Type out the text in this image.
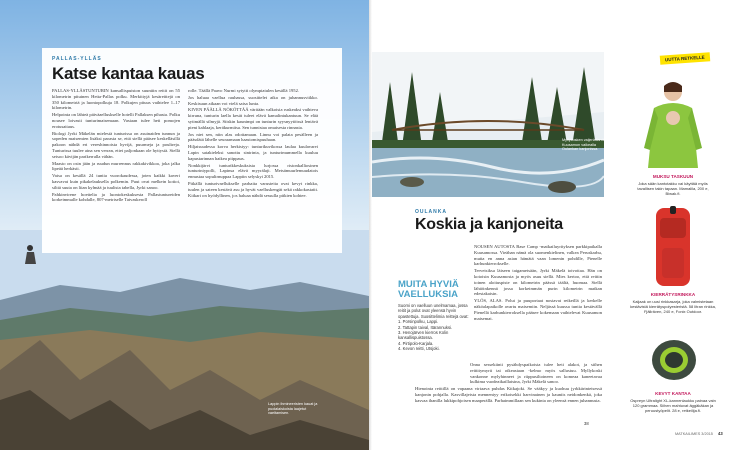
PALLAS-YLLÄS
Katse kantaa kauas

PALLAS-YLLÄSTUNTURIN kansallispuiston suuntiin reitit on 55 kilometrin pituinen Hetta-Pallas polku. Merkittyjä kesäreittejä on 350 kilometriä ja luontopolkuja 18. Polkujen pituus vaihtelee 1–17 kilometrin.

Helpointa on lähteä päiväaelluskselle hotelli Pallaksen pihasta. Polku nousee loivasti tunturimaisemaan. Vastaan tulee heti pomojen erotusaitaus.

Biologi Jyrki Mäkelän mielestä tunturissa on asuinaiden tunnun ja sopeden maisemien lisäksi parasta se, että siellä pääsee keskelläsillä pakoon nähdä eri vereshinnoista hyvijä, puurmeja ja poultreja. Tunturissa tuulee aina sen verran, ettei paljonkaan ole hyttysiä. Siellä seisoo kävijän parikerralla vähän.

Maasto on osin jään ja ruudun murrennus rakkakivikkoa, joka jalka lipeää herkästi.

Vaisa on kesällä 24 tuntia vuorokaudessa, joten kaikki kaveri kasvavat kuin pikakelauksella polkemin. Puut ovat melkein kotioi, silttä suuta on liian kylmää ja tuulista tabella, Jyrki sanoo.

Pahkinvirene hoettelia ja luontokeskuksesta Pallastuntureiden korkeimmalle kohdalle, 807-metriselle Taivaskeroll

rolle. Täällä Paavo Nurmi sytytti olympiatulen kesällä 1952.

Jos haluaa vaellua rauhassa, suosittelet aika on juhannusviikko. Keskisuun aikaan voi vielä saisa lunta.

KIVEN PÄÄLLÄ NÖKÖTTÄÄ väritään valkoisia ruskeaksi vaihteva kirruna, tunturin laella kesät tuleet elävä kamalintukantuun. Se elää sytimällä silmyjä. Siiskin kaunimpi on tunturin syysnyytöissä lentävä pieni kahlaaja, keräkurmitsa. Sen tunnistaa omaisesta rinnasta.

Jos niet sen, niin alas odottamaan. Linnu voi palata pesälleen ja pääsdätä lähelle seuraamaan haastomispuuhaan.

Hiljaisuudessa korva herkistyy: tunturikuvikossa laulaa kuulavarei Lapin satakieleksi sanottu sinirinta, ja tunturimummella kuuluu kapustarinnan haikea piippaus.

Nonkkijärvi tunturikkeskuksista lurjossa ristonkalliosinen tunturiniypolli, Lapinsa elävä myyrälaji. Metsämuurlemuudatois ennustaa sopulirnuppaa Lappiin selyskyi 2015.

Pitkällä tunturivaellukselle parhaita varusteita ovat kevyt rinkka, tuulen ja sateen kestävä asu ja hyvät vaelluskengät sekä rakkokastatit. Kiikari on hyödyllinen, jos haluaa nähdä sessulla pitkien kohtee.

Lappin ihmineeristen kauat ja puolalaiskoista laajetut vaeltamisen.
Myllykosken vaijeriallantä Kuusamon vaikealla Oulankan kanjonissa.
OULANKA
Koskia ja kanjoneita
MUITA HYVIÄ
VAELLUKSIA
Suomi on vaelluun unelmamaa, jossa reitit ja polut ovat yleensä hyvin opastettuja. Suosittelimia reittejä ovat:
1. Porsinpolku, Lappi.
2. Tattapin taival, Itärannuksi.
3. Henojärven kierros Kolin kansallispuistossa.
4. Pirtipolo-Karjala.
4. Kevon reitti, Utsjoki.

NOUSEN AUTOSTA Base Camp -matkailuyrityksen parkkipaikalla Kuusamossa. Vieähan nämä ola suomenkielinen, valkea Peruskarhu, mutta en anna asian hämätä vaan lomenin pohdille, Pienelle karhunkierrokselle.

Terveisiksa läiseen taigametsään, Jyrki Mäkelä toivottaa. Hän on kotoisin Kuusamosta ja myös asuu siellä. Mies kertoo, että reittin toinen aloituspiste on kilometrin päässä täältä, huomaa. Siellä lähtöinkennä jossa korkeimmän purin kilometrin matkan edestakaisin.

YLÖS, ALAS. Polut ja puuportaat nostavat reikeillä ja kerkelle näköalapaikolle avartu maisemiin. Neljässä kuussa tuntia kestävällä Pienellä karhunkierroksella pääsee kokemaan vaihtelevat Kuusamon maisemat.

Onna sessekiinti pysähdyspaikoista tulee heti alakot, ja siihen reittitymyrti tai oikeastaan -kelmo myös sallustuu. Myllykoski vankonne mylyhinneet ja riippusiltoineen on komeaa kaneetavaa kulkima vuodeaikaillaisina, Jyrki Mäkelä sanoo.

Hienointa reittillä on vapaana virtaava puhdas Kitkajoki. Se vääkyy ja kuohuu jyrkkärinteisessä kanjonin pohjalla. Kasvillajeista mennentyy erikoisekki harvinainen ja kauniis neidonkenkä, joka kasvaa ihanilla lukkipohjoisen maaperällä. Parhaimmillaan sen kukinta on yleensä ennen juhannusta.

38
UUTTA RETKELLE
MUKSU TASKUUN
Joka sään kantotakku vai käyttää myös tavallisen takin tapaan. Mamalila, 200 e, Biwak.fi.
KIERRÄTYSRINKKA
Kaijaak on uusi rinkkasarja, joka valmistetaan kestävistä kierrätyspolyesteristä. 58 litran rinkka, Fjällräven, 240 e, Fonix Outdoor.
KEVYT KANTAA
Ospreyn Ultralight XL-kannenlaukku painaa vain 120 grammaa. Siihen mahtuvat äggäkäkan ja peruustyöpelit. 28 e, retkeilija.fi.
MATKAILIMES 3/2015 43
